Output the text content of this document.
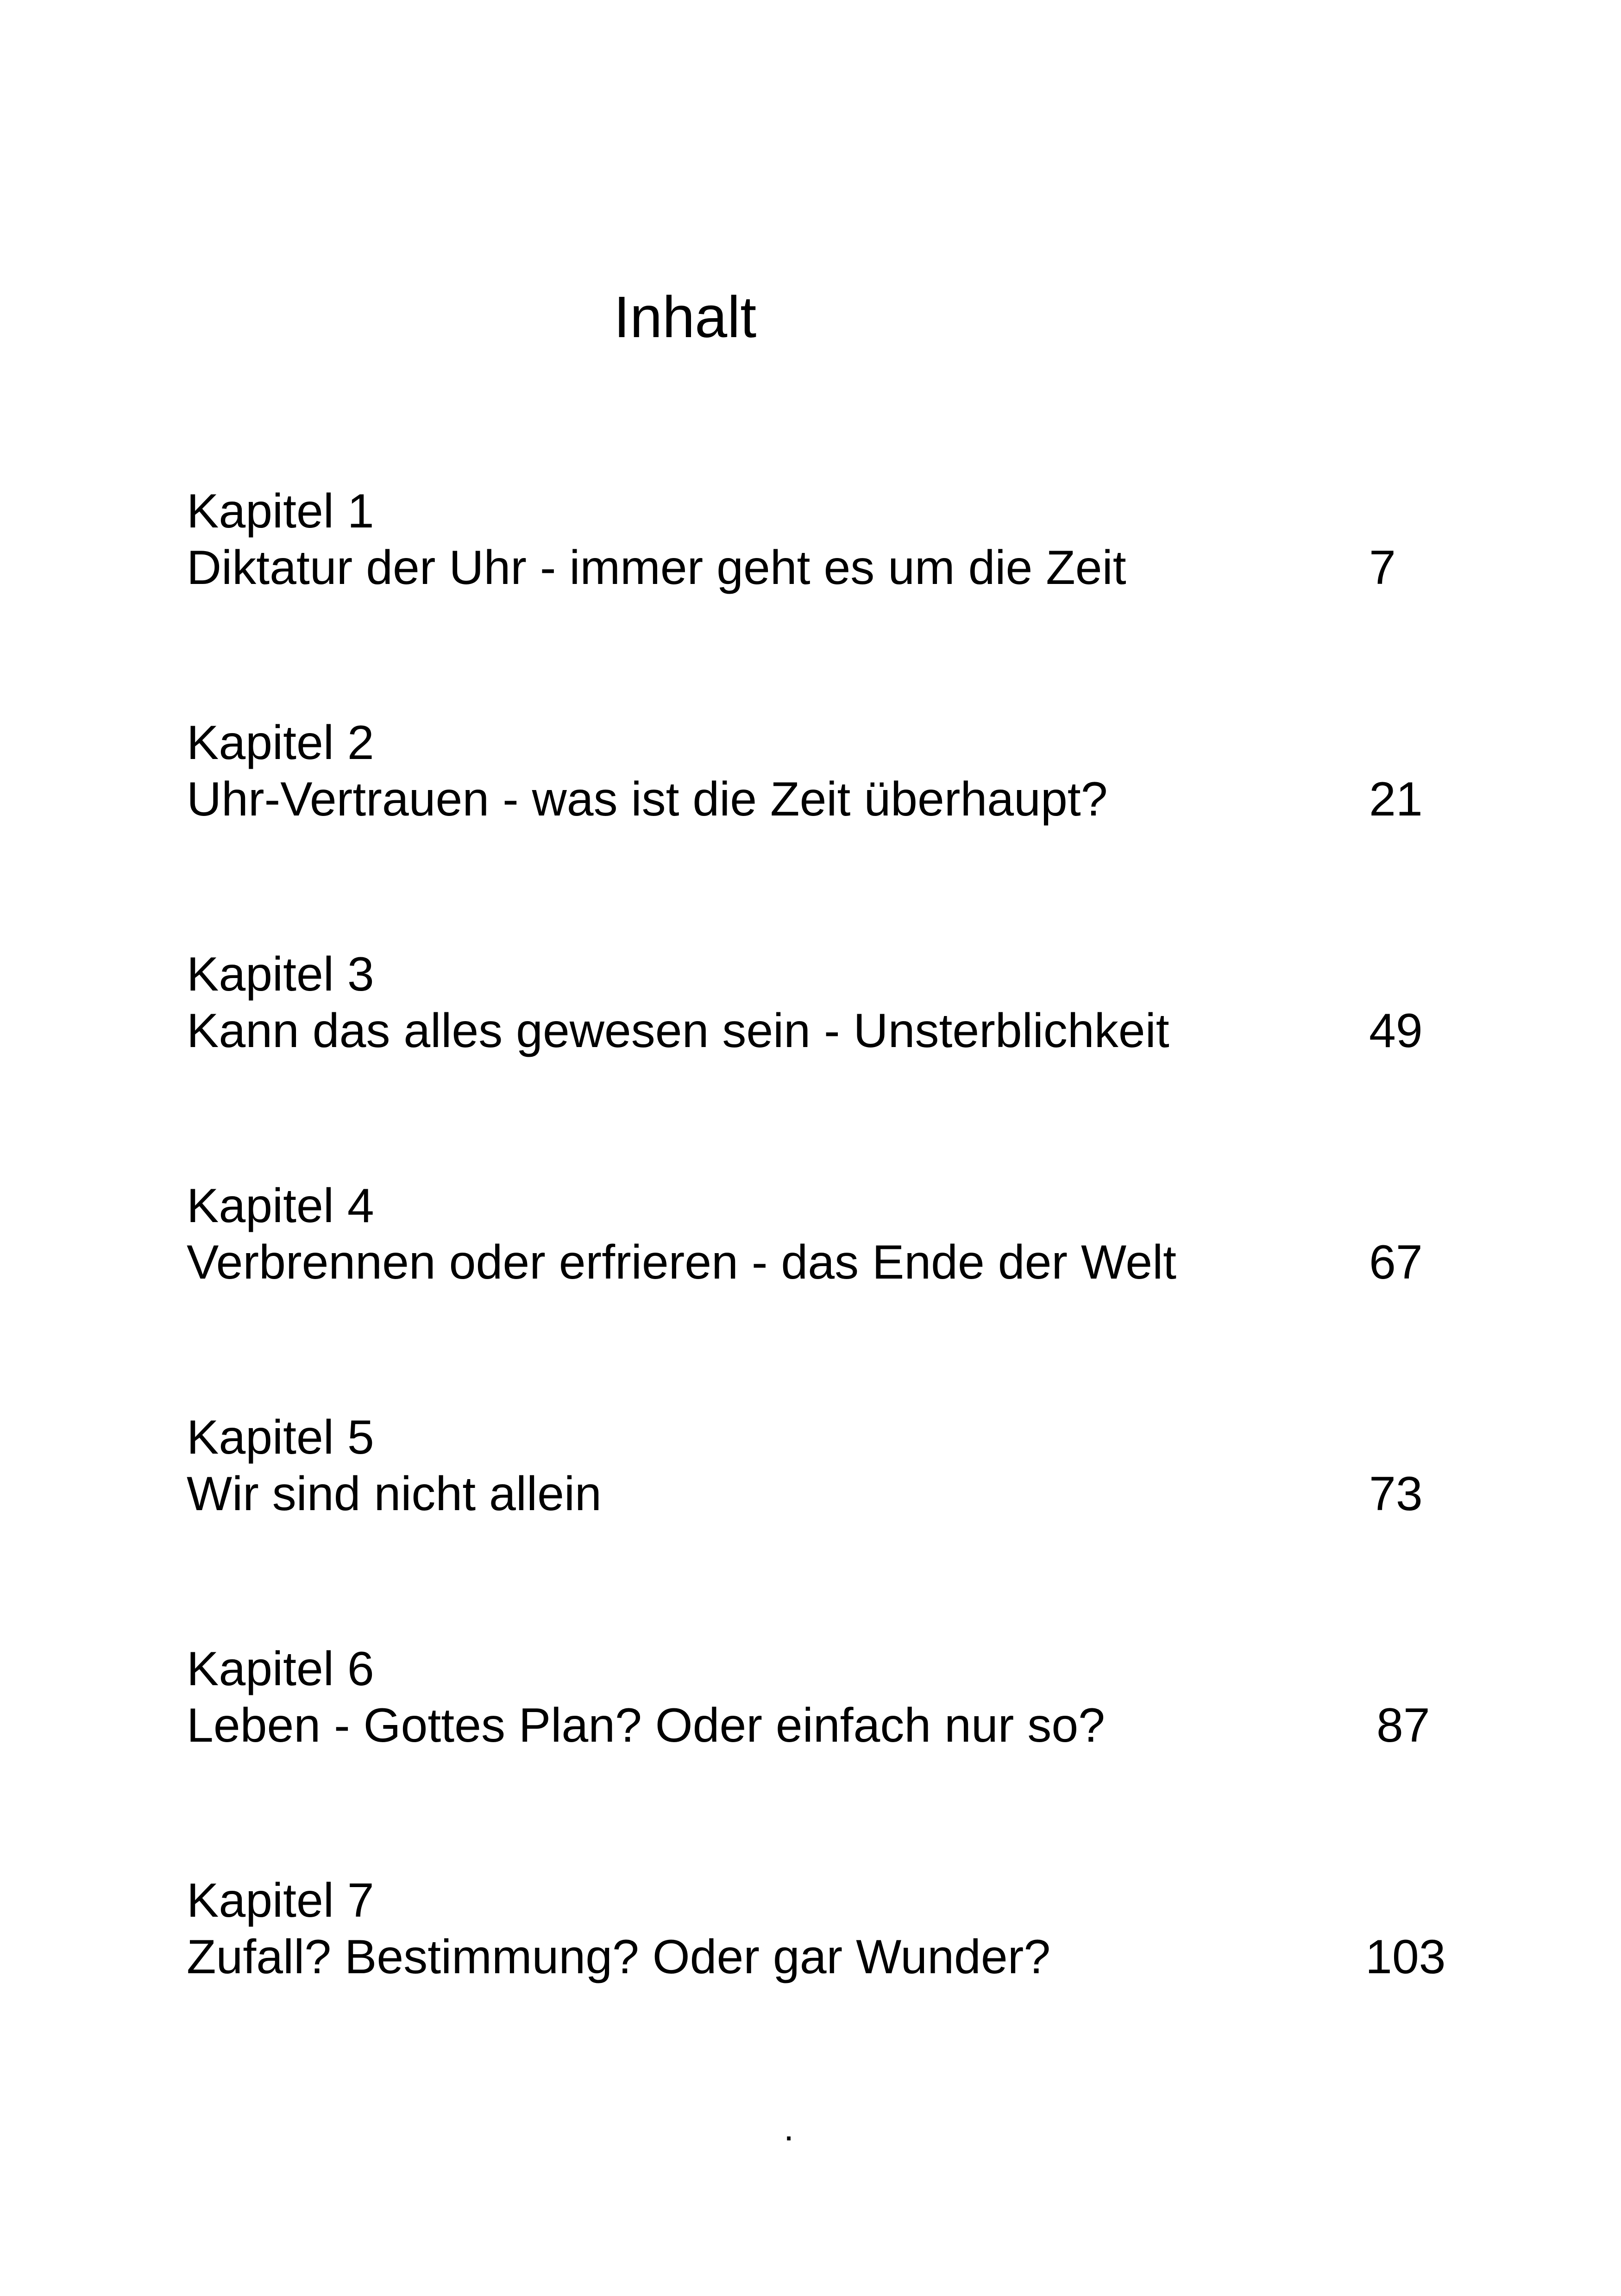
Inhalt
Kapitel 1
Diktatur der Uhr - immer geht es um die Zeit	7
Kapitel 2
Uhr-Vertrauen - was ist die Zeit überhaupt?	21
Kapitel 3
Kann das alles gewesen sein - Unsterblichkeit	49
Kapitel 4
Verbrennen oder erfrieren - das Ende der Welt	67
Kapitel 5
Wir sind nicht allein	73
Kapitel 6
Leben - Gottes Plan? Oder einfach nur so?	87
Kapitel 7
Zufall? Bestimmung? Oder gar Wunder?	103
.
